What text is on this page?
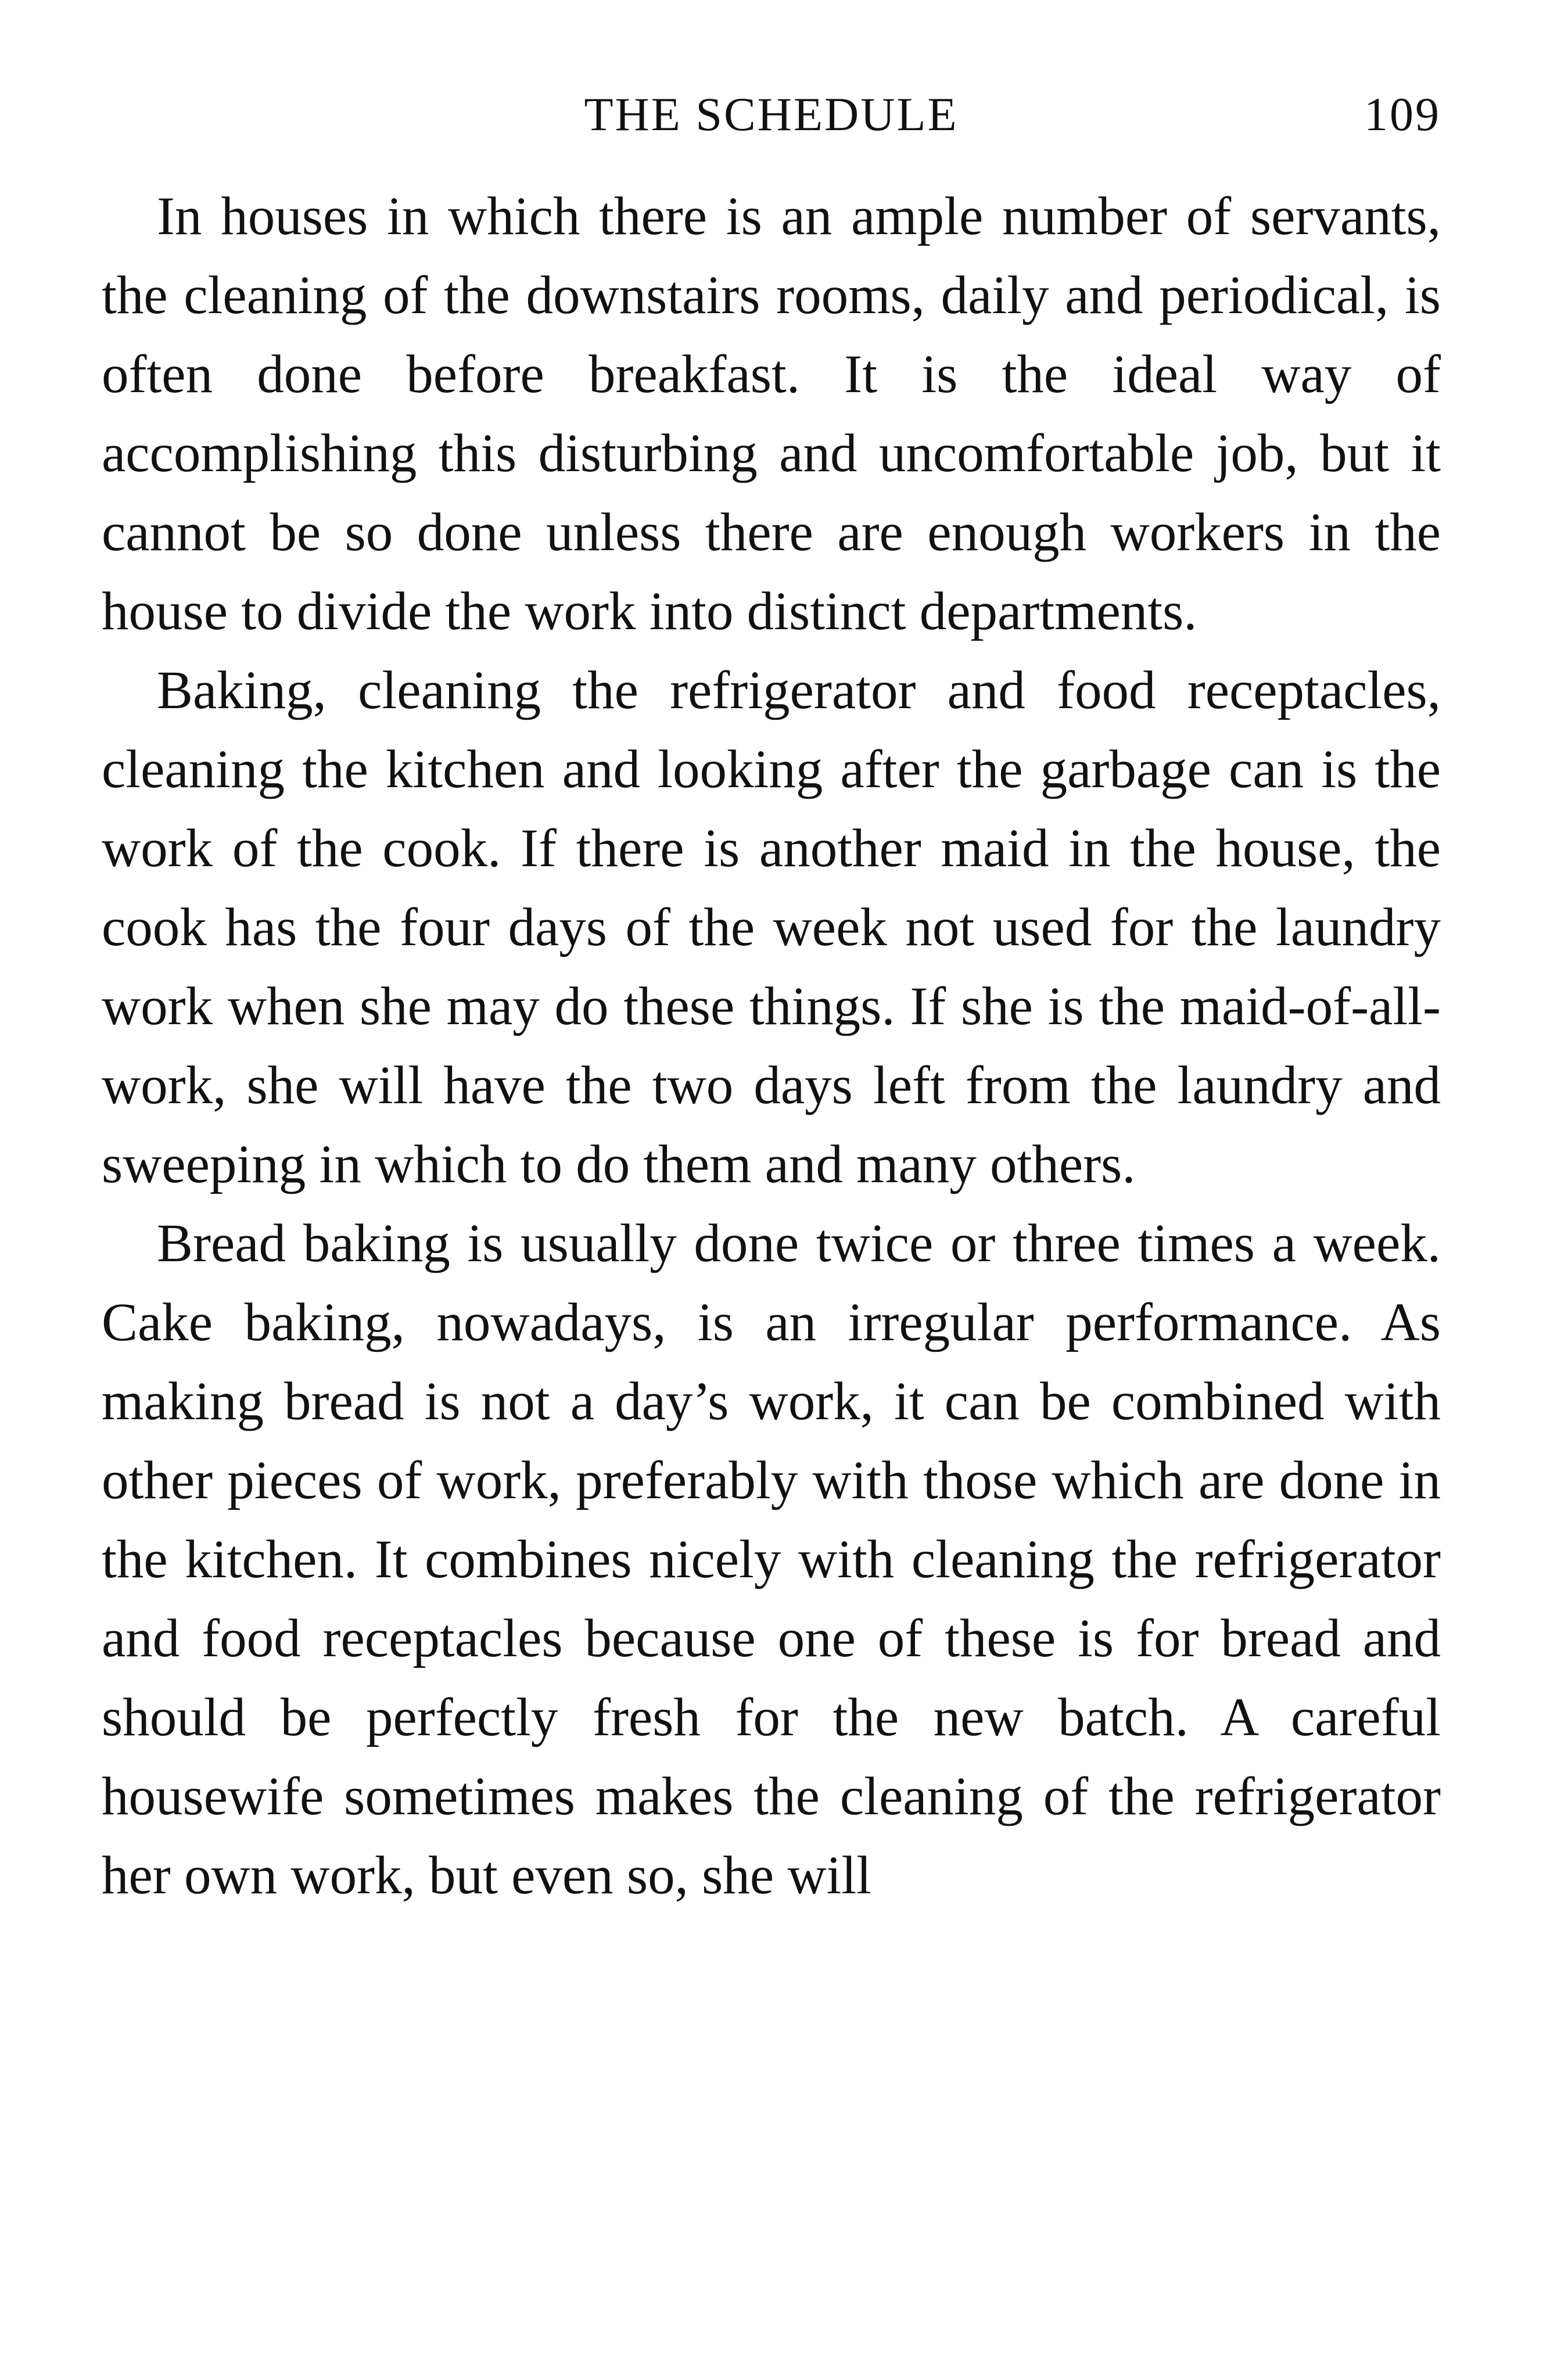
THE SCHEDULE	109

In houses in which there is an ample number of servants, the cleaning of the downstairs rooms, daily and periodical, is often done before breakfast. It is the ideal way of accomplishing this disturbing and uncomfortable job, but it cannot be so done unless there are enough workers in the house to divide the work into distinct departments.

Baking, cleaning the refrigerator and food receptacles, cleaning the kitchen and looking after the garbage can is the work of the cook. If there is another maid in the house, the cook has the four days of the week not used for the laundry work when she may do these things. If she is the maid-of-all-work, she will have the two days left from the laundry and sweeping in which to do them and many others.

Bread baking is usually done twice or three times a week. Cake baking, nowadays, is an irregular performance. As making bread is not a day’s work, it can be combined with other pieces of work, preferably with those which are done in the kitchen. It combines nicely with cleaning the refrigerator and food receptacles because one of these is for bread and should be perfectly fresh for the new batch. A careful housewife sometimes makes the cleaning of the refrigerator her own work, but even so, she will
